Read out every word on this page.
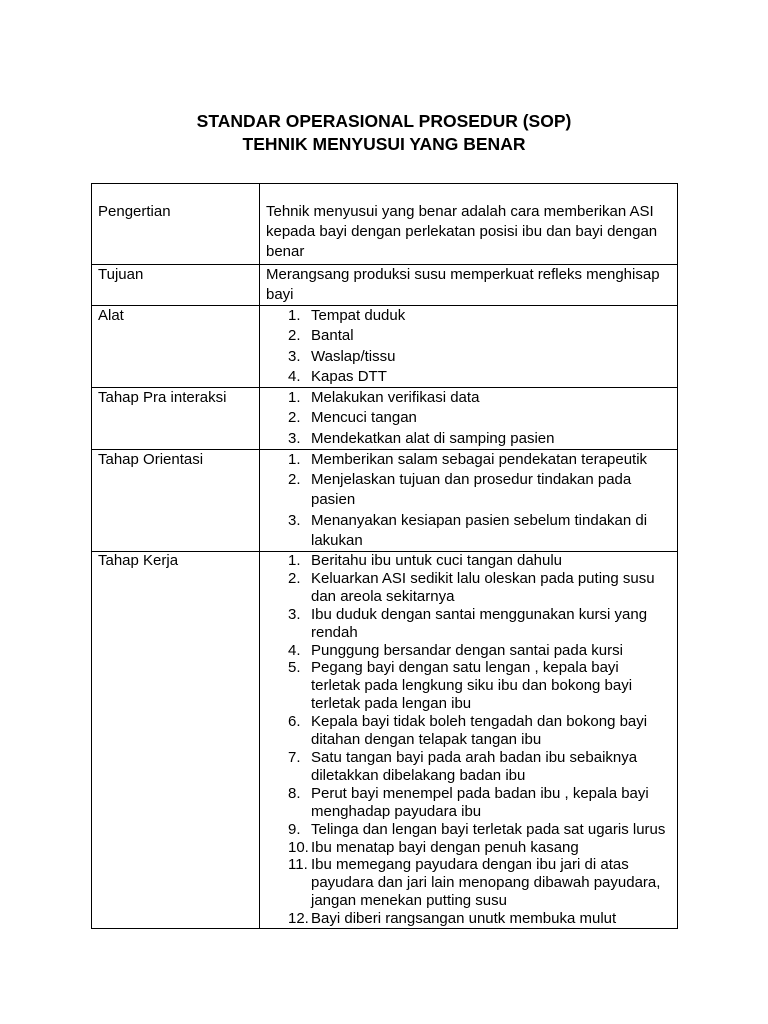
STANDAR OPERASIONAL PROSEDUR (SOP)
TEHNIK MENYUSUI YANG BENAR
Pengertian	Tehnik menyusui yang benar adalah cara memberikan ASI
kepada bayi dengan perlekatan posisi ibu dan bayi dengan
benar
Tujuan	Merangsang produksi susu memperkuat refleks menghisap
bayi
Alat	1. Tempat duduk
2. Bantal
3. Waslap/tissu
4. Kapas DTT
Tahap Pra interaksi	1. Melakukan verifikasi data
2. Mencuci tangan
3. Mendekatkan alat di samping pasien
Tahap Orientasi	1. Memberikan salam sebagai pendekatan terapeutik
2. Menjelaskan tujuan dan prosedur tindakan pada
pasien
3. Menanyakan kesiapan pasien sebelum tindakan di
lakukan
Tahap Kerja	1. Beritahu ibu untuk cuci tangan dahulu
2. Keluarkan ASI sedikit lalu oleskan pada puting susu
dan areola sekitarnya
3. Ibu duduk dengan santai menggunakan kursi yang
rendah
4. Punggung bersandar dengan santai pada kursi
5. Pegang bayi dengan satu lengan , kepala bayi
terletak pada lengkung siku ibu dan bokong bayi
terletak pada lengan ibu
6. Kepala bayi tidak boleh tengadah dan bokong bayi
ditahan dengan telapak tangan ibu
7. Satu tangan bayi pada arah badan ibu sebaiknya
diletakkan dibelakang badan ibu
8. Perut bayi menempel pada badan ibu , kepala bayi
menghadap payudara ibu
9. Telinga dan lengan bayi terletak pada sat ugaris lurus
10. Ibu menatap bayi dengan penuh kasang
11. Ibu memegang payudara dengan ibu jari di atas
payudara dan jari lain menopang dibawah payudara,
jangan menekan putting susu
12. Bayi diberi rangsangan unutk membuka mulut
